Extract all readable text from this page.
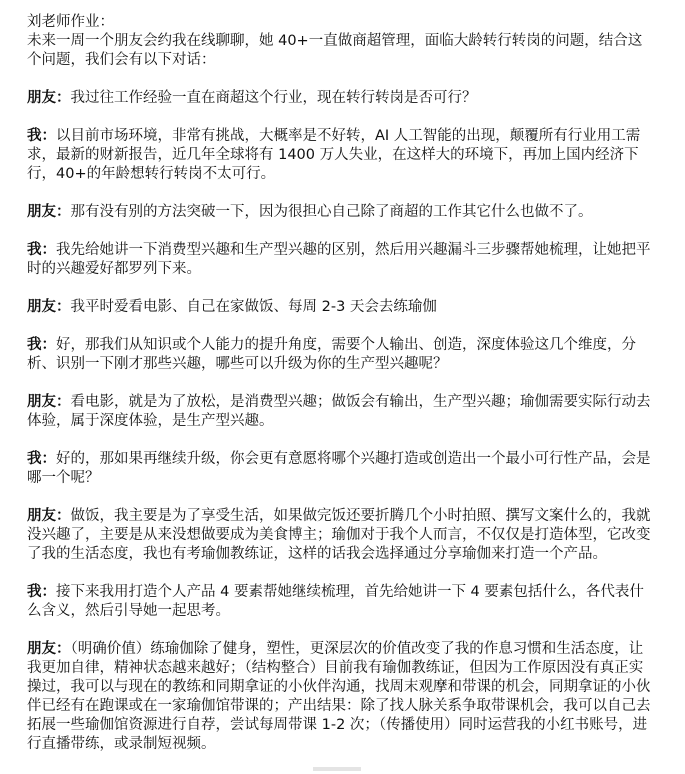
刘老师作业：
未来一周一个朋友会约我在线聊聊，她 40+一直做商超管理，面临大龄转行转岗的问题，结合这个问题，我们会有以下对话：

朋友：我过往工作经验一直在商超这个行业，现在转行转岗是否可行？

我：以目前市场环境，非常有挑战，大概率是不好转，AI 人工智能的出现，颠覆所有行业用工需求，最新的财新报告，近几年全球将有 1400 万人失业，在这样大的环境下，再加上国内经济下行，40+的年龄想转行转岗不太可行。

朋友：那有没有别的方法突破一下，因为很担心自己除了商超的工作其它什么也做不了。

我：我先给她讲一下消费型兴趣和生产型兴趣的区别，然后用兴趣漏斗三步骤帮她梳理，让她把平时的兴趣爱好都罗列下来。

朋友：我平时爱看电影、自己在家做饭、每周 2-3 天会去练瑜伽

我：好，那我们从知识或个人能力的提升角度，需要个人输出、创造，深度体验这几个维度，分析、识别一下刚才那些兴趣，哪些可以升级为你的生产型兴趣呢？

朋友：看电影，就是为了放松，是消费型兴趣；做饭会有输出，生产型兴趣；瑜伽需要实际行动去体验，属于深度体验，是生产型兴趣。

我：好的，那如果再继续升级，你会更有意愿将哪个兴趣打造或创造出一个最小可行性产品，会是哪一个呢？

朋友：做饭，我主要是为了享受生活，如果做完饭还要折腾几个小时拍照、撰写文案什么的，我就没兴趣了，主要是从来没想做要成为美食博主；瑜伽对于我个人而言，不仅仅是打造体型，它改变了我的生活态度，我也有考瑜伽教练证，这样的话我会选择通过分享瑜伽来打造一个产品。

我：接下来我用打造个人产品 4 要素帮她继续梳理，首先给她讲一下 4 要素包括什么，各代表什么含义，然后引导她一起思考。

朋友：（明确价值）练瑜伽除了健身，塑性，更深层次的价值改变了我的作息习惯和生活态度，让我更加自律，精神状态越来越好；（结构整合）目前我有瑜伽教练证，但因为工作原因没有真正实操过，我可以与现在的教练和同期拿证的小伙伴沟通，找周末观摩和带课的机会，同期拿证的小伙伴已经有在跑课或在一家瑜伽馆带课的；产出结果：除了找人脉关系争取带课机会，我可以自己去拓展一些瑜伽馆资源进行自荐，尝试每周带课 1-2 次；（传播使用）同时运营我的小红书账号，进行直播带练，或录制短视频。
